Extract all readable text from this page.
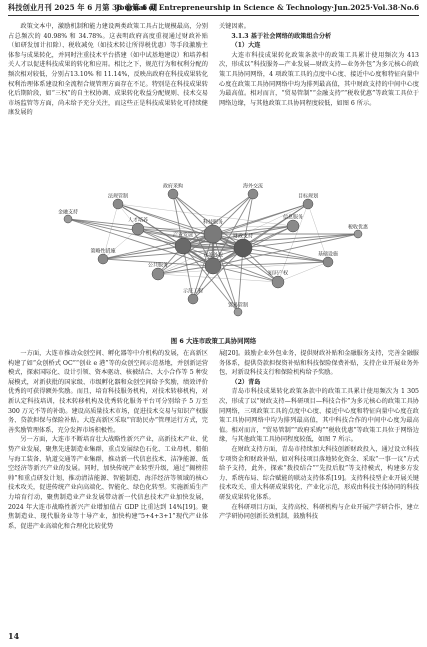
科技创业月刊 2025 年 6 月第 38 卷第 6 期
Journal of Entrepreneurship in Science & Technology·Jun.2025·Vol.38·No.6

政策文本中，激励机制和能力建设两类政策工具占比规模最高，分别占总频次的 40.98% 和 34.78%。这表明政府高度重视通过财政补贴（如研发加计扣除）、税收减免（如技术转让所得税优惠）等手段激励主体参与成果转化，并同时注重技术平台搭建（如中试基地建设）和培养相关人才以促进科技成果的转化和应用。相比之下，规范行为和权利分配的频次相对较低，分别占13.10% 和 11.14%，反映出政府在科技成果转化权利治理体系建设和全流程合规管理方面存在不足。特别是在科技成果转化后期阶段，如“三权”的自主权协调、成果转化收益分配规则、技术交易市场监管等方面，尚未给予充分关注，而这些正是科技成果转化可持续健康发展的

关键因素。

3.1.3 基于社会网络的政策组合分析

（1）大连

大连市科技成果转化政策条款中的政策工具累计使用频次为 413 次，形成以“科技服务—产业发展—财政支持—业务外包”为多元核心的政策工具协同网络，4 项政策工具的点度中心度、接近中心度和特征向量中心度在政策工具协同网络中均为排列最高值，其中财政支持的中间中心度为最高值。相对而言，“贸易管制”“金融支持”“税收优惠”等政策工具位于网络边缘，与其他政策工具协同程度较低，如图 6 所示。

科技服务
产业发展	财政支持
业务外包
人才培养
公共服务
信息服务
知识产权
法规管制	目标规划
策略性措施	基础设施
政府采购	海外交流
示范工程
金融支持
税收优惠
贸易管制
图 6 大连市政策工具协同网络

一方面，大连市推动众创空间、孵化器等中介机构的发展，在高新区构建了如“众创桥式 OC”“创业 e 港”等的众创空间示范基地，并创新运营模式，探索国际化、设计引领、资本驱动、核被结合、大小合作等 5 种发展模式，对新获批的国家级、市级孵化器和众创空间给予奖励，绩效评价优秀的可获得额外奖励。而且，培育科技服务机构，对技术转移机构，对新认定科技培训，技术转移机构及优秀转化服务平台可分别给予 5 万至 300 万元不等的补助。建设高质量技术市场，促进技术交易与知识产权服务、贷款担保与保险补贴。大连高新区采取“官助民办”管理运行方式，完善奖励管理体系，充分发挥市场积极性。

另一方面，大连市不断培育壮大战略性新兴产业，高新技术产业、优势产业发展，聚焦先进制造业集群，重点发展绿色石化、工业母机、船舶与海工装备、轨道交通等产业集群，推动新一代信息技术、洁净能源、低空经济等新兴产业的发展。同时，加快传统产业转型升级，通过“揭榜挂帅”和重点研发计划，推动清洁能源、智能制造、海洋经济等领域的核心技术攻关，促进传统产业向高端化、智能化、绿色化转型。实施新质生产力培育行动，聚焦制造业产业发展带动新一代信息技术产业加快发展，2024 年大连市战略性新兴产业增加值占 GDP 比重达到 14%[19]。聚焦制造业、现代服务业等十导产业，加快构建“5+4+3+1”现代产业体系，促进产业高端化和合理化比较优势

展[20]。鼓励企业外包业务，提供财政补贴和金融服务支持，完善金融服务体系，提供贷款担保资补贴和科技保险保费补贴，支持企业开展业务外包，对新设科技支行和保险机构给予奖励。

（2）青岛

青岛市科技成果转化政策条款中的政策工具累计使用频次为 1 305 次，形成了以“财政支持—科研项目—科技合作”为多元核心的政策工具协同网络，三项政策工具的点度中心度、接近中心度和特征向量中心度在政策工具协同网络中均为排列最高值，其中科技合作的中间中心度为最高值。相对而言，“贸易管制”“政府采购”“税收优惠”等政策工具位于网络边缘，与其他政策工具协同程度较低，如图 7 所示。

在财政支持方面，青岛市持续加大科技创新财政投入，通过设立科技专项资金和财政补贴，如对科技项目落地转化资金、采取“一事一议”方式给予支持，此外，探索“拨投结合”“先投后股”等支持模式，构建多方发力、系统布局、综合赋能的联动支持体系[19]。支持科技型企业开展关键技术攻关、重大科研成果转化、产业化示范，形成由科技主体协同的科技研发成果转化体系。

在科研项目方面，支持高校、科研机构与企业开展产学研合作，建立产学研协同创新长效机制，鼓励科技

14
